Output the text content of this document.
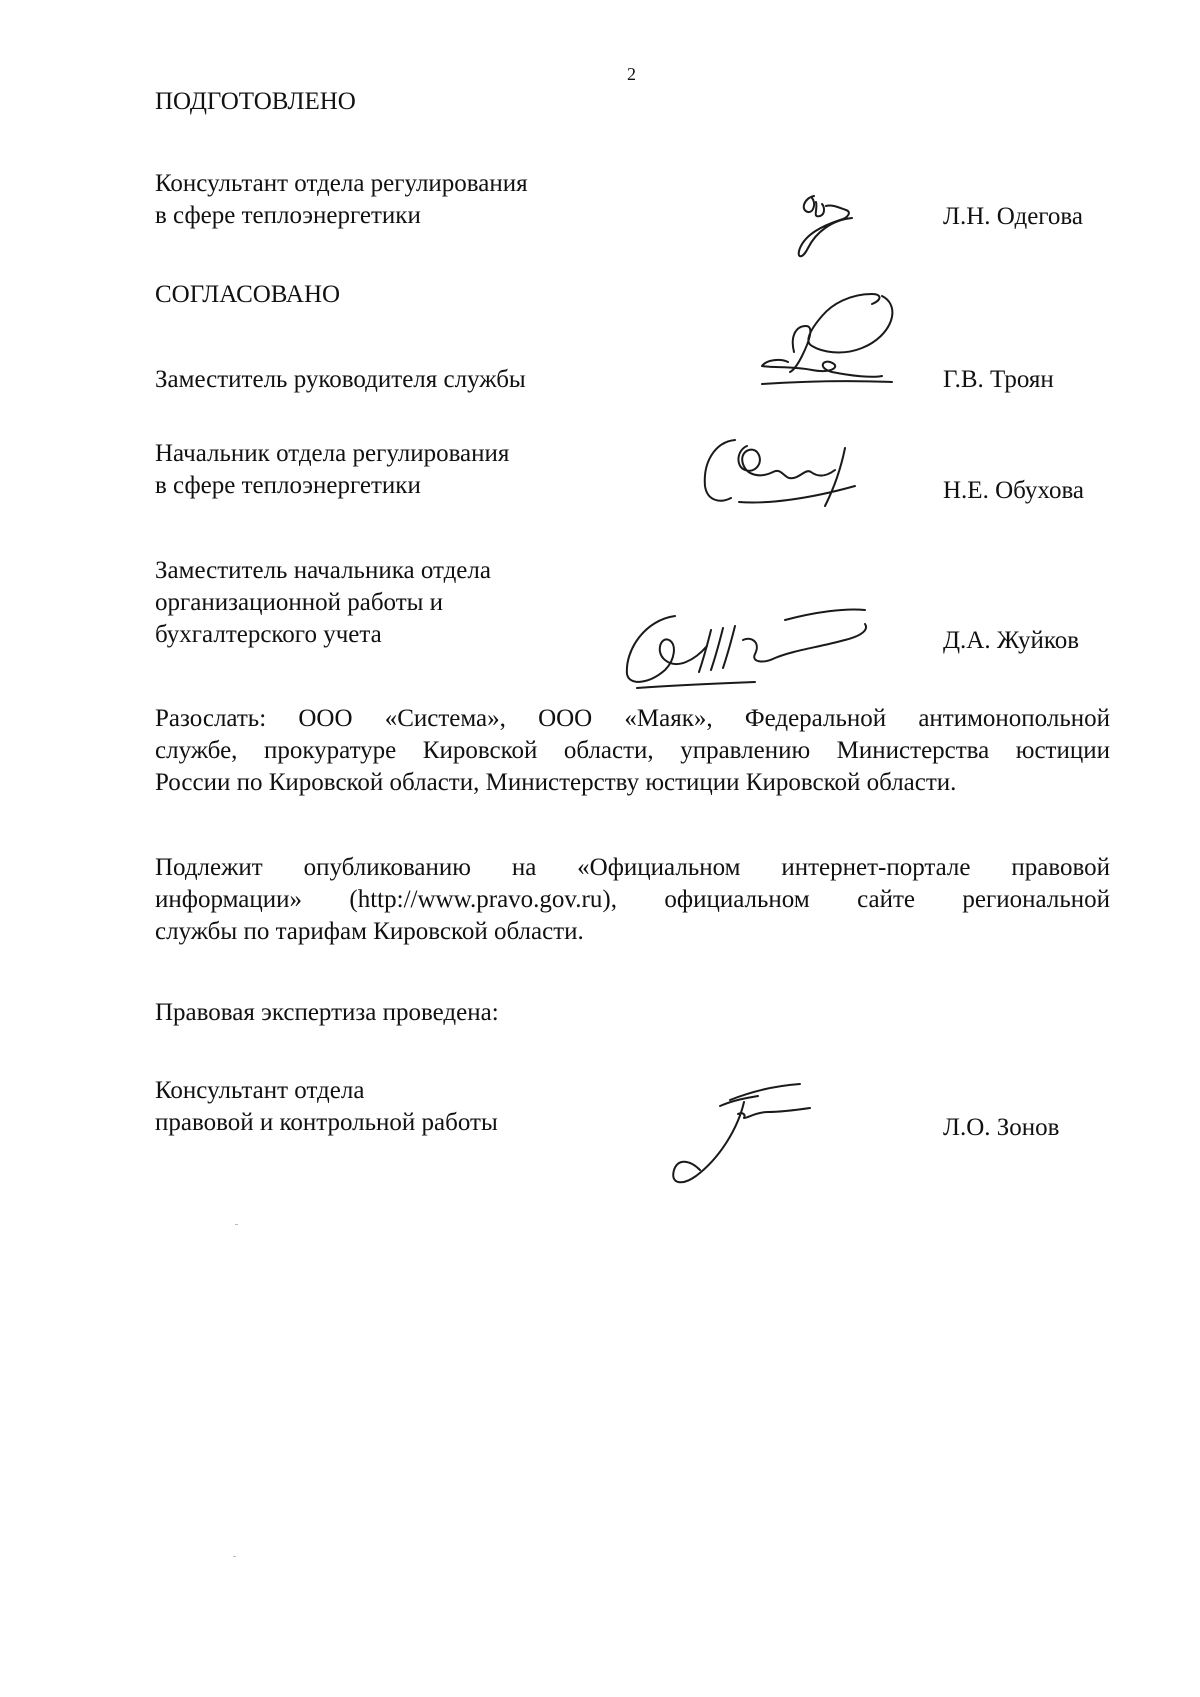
2
ПОДГОТОВЛЕНО
Консультант отдела регулирования
в сфере теплоэнергетики	Л.Н. Одегова
СОГЛАСОВАНО
Заместитель руководителя службы	Г.В. Троян
Начальник отдела регулирования
в сфере теплоэнергетики	Н.Е. Обухова
Заместитель начальника отдела
организационной работы и
бухгалтерского учета	Д.А. Жуйков
Разослать: ООО «Система», ООО «Маяк», Федеральной антимонопольной
службе, прокуратуре Кировской области, управлению Министерства юстиции
России по Кировской области, Министерству юстиции Кировской области.
Подлежит опубликованию на «Официальном интернет-портале правовой
информации» (http://www.pravo.gov.ru), официальном сайте региональной
службы по тарифам Кировской области.
Правовая экспертиза проведена:
Консультант отдела
правовой и контрольной работы	Л.О. Зонов
